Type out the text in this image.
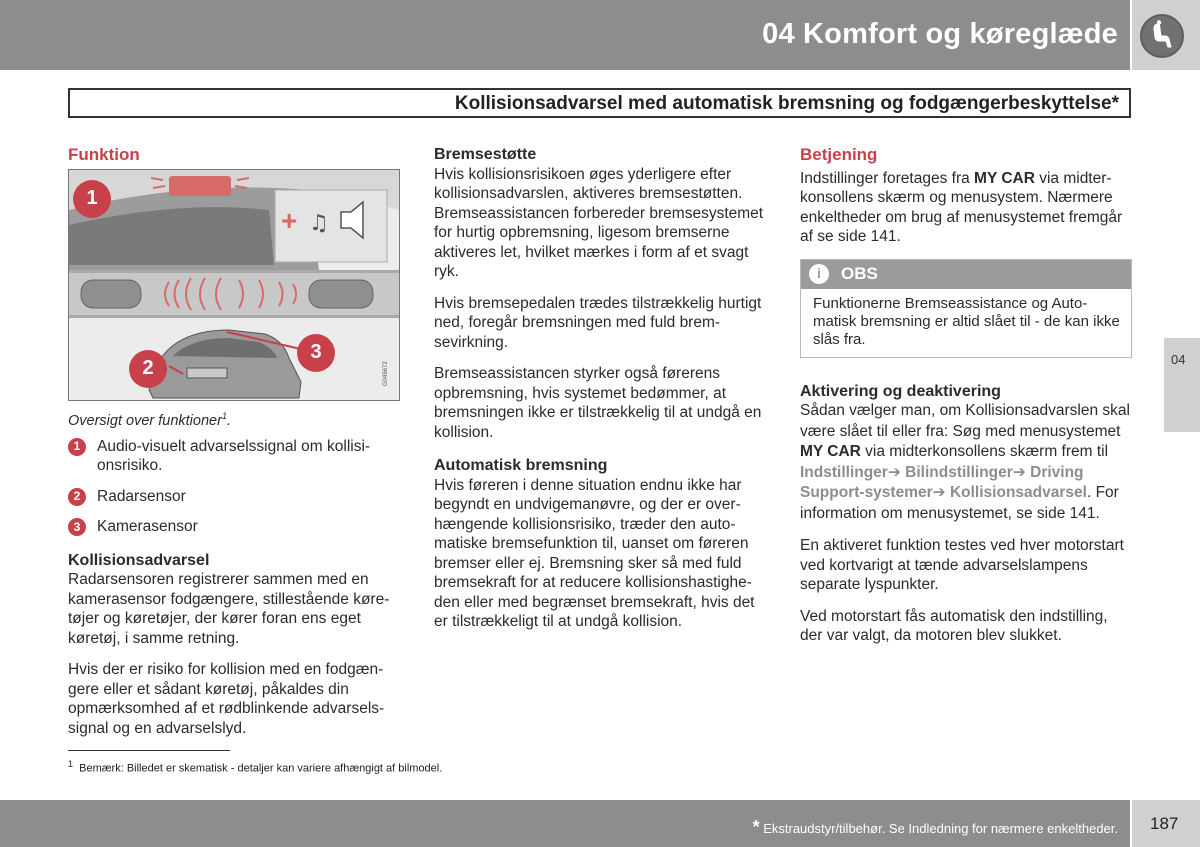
04 Komfort og køreglæde
Kollisionsadvarsel med automatisk bremsning og fodgængerbeskyttelse*
Funktion
+ ♫
G045672
1
2
3
Oversigt over funktioner$^1$.
1	Audio-visuelt advarselssignal om kollisionsrisiko.
2	Radarsensor
3	Kamerasensor
Kollisionsadvarsel

Radarsensoren registrerer sammen med en kamerasensor fodgængere, stillestående køretøjer og køretøjer, der kører foran ens eget køretøj, i samme retning.

Hvis der er risiko for kollision med en fodgængere eller et sådant køretøj, påkaldes din opmærksomhed af et rødblinkende advarselssignal og en advarselslyd.

Bremsestøtte

Hvis kollisionsrisikoen øges yderligere efter kollisionsadvarslen, aktiveres bremsestøtten. Bremseassistancen forbereder bremsesystemet for hurtig opbremsning, ligesom bremserne aktiveres let, hvilket mærkes i form af et svagt ryk.

Hvis bremsepedalen trædes tilstrækkelig hurtigt ned, foregår bremsningen med fuld bremsevirkning.

Bremseassistancen styrker også førerens opbremsning, hvis systemet bedømmer, at bremsningen ikke er tilstrækkelig til at undgå en kollision.

Automatisk bremsning

Hvis føreren i denne situation endnu ikke har begyndt en undvigemanøvre, og der er overhængende kollisionsrisiko, træder den automatiske bremsefunktion til, uanset om føreren bremser eller ej. Bremsning sker så med fuld bremsekraft for at reducere kollisionshastigheden eller med begrænset bremsekraft, hvis det er tilstrækkeligt til at undgå kollision.

Betjening

Indstillinger foretages fra MY CAR via midterkonsollens skærm og menusystem. Nærmere enkeltheder om brug af menusystemet fremgår af se side 141.

i	OBS
Funktionerne Bremseassistance og Automatisk bremsning er altid slået til - de kan ikke slås fra.
Aktivering og deaktivering

Sådan vælger man, om Kollisionsadvarslen skal være slået til eller fra: Søg med menusystemet MY CAR via midterkonsollens skærm frem til Indstillinger➔ Bilindstillinger➔ Driving Support-systemer➔ Kollisionsadvarsel. For information om menusystemet, se side 141.

En aktiveret funktion testes ved hver motorstart ved kortvarigt at tænde advarselslampens separate lyspunkter.

Ved motorstart fås automatisk den indstilling, der var valgt, da motoren blev slukket.

04
$^1$ Bemærk: Billedet er skematisk - detaljer kan variere afhængigt af bilmodel.
* Ekstraudstyr/tilbehør. Se Indledning for nærmere enkeltheder. 187
